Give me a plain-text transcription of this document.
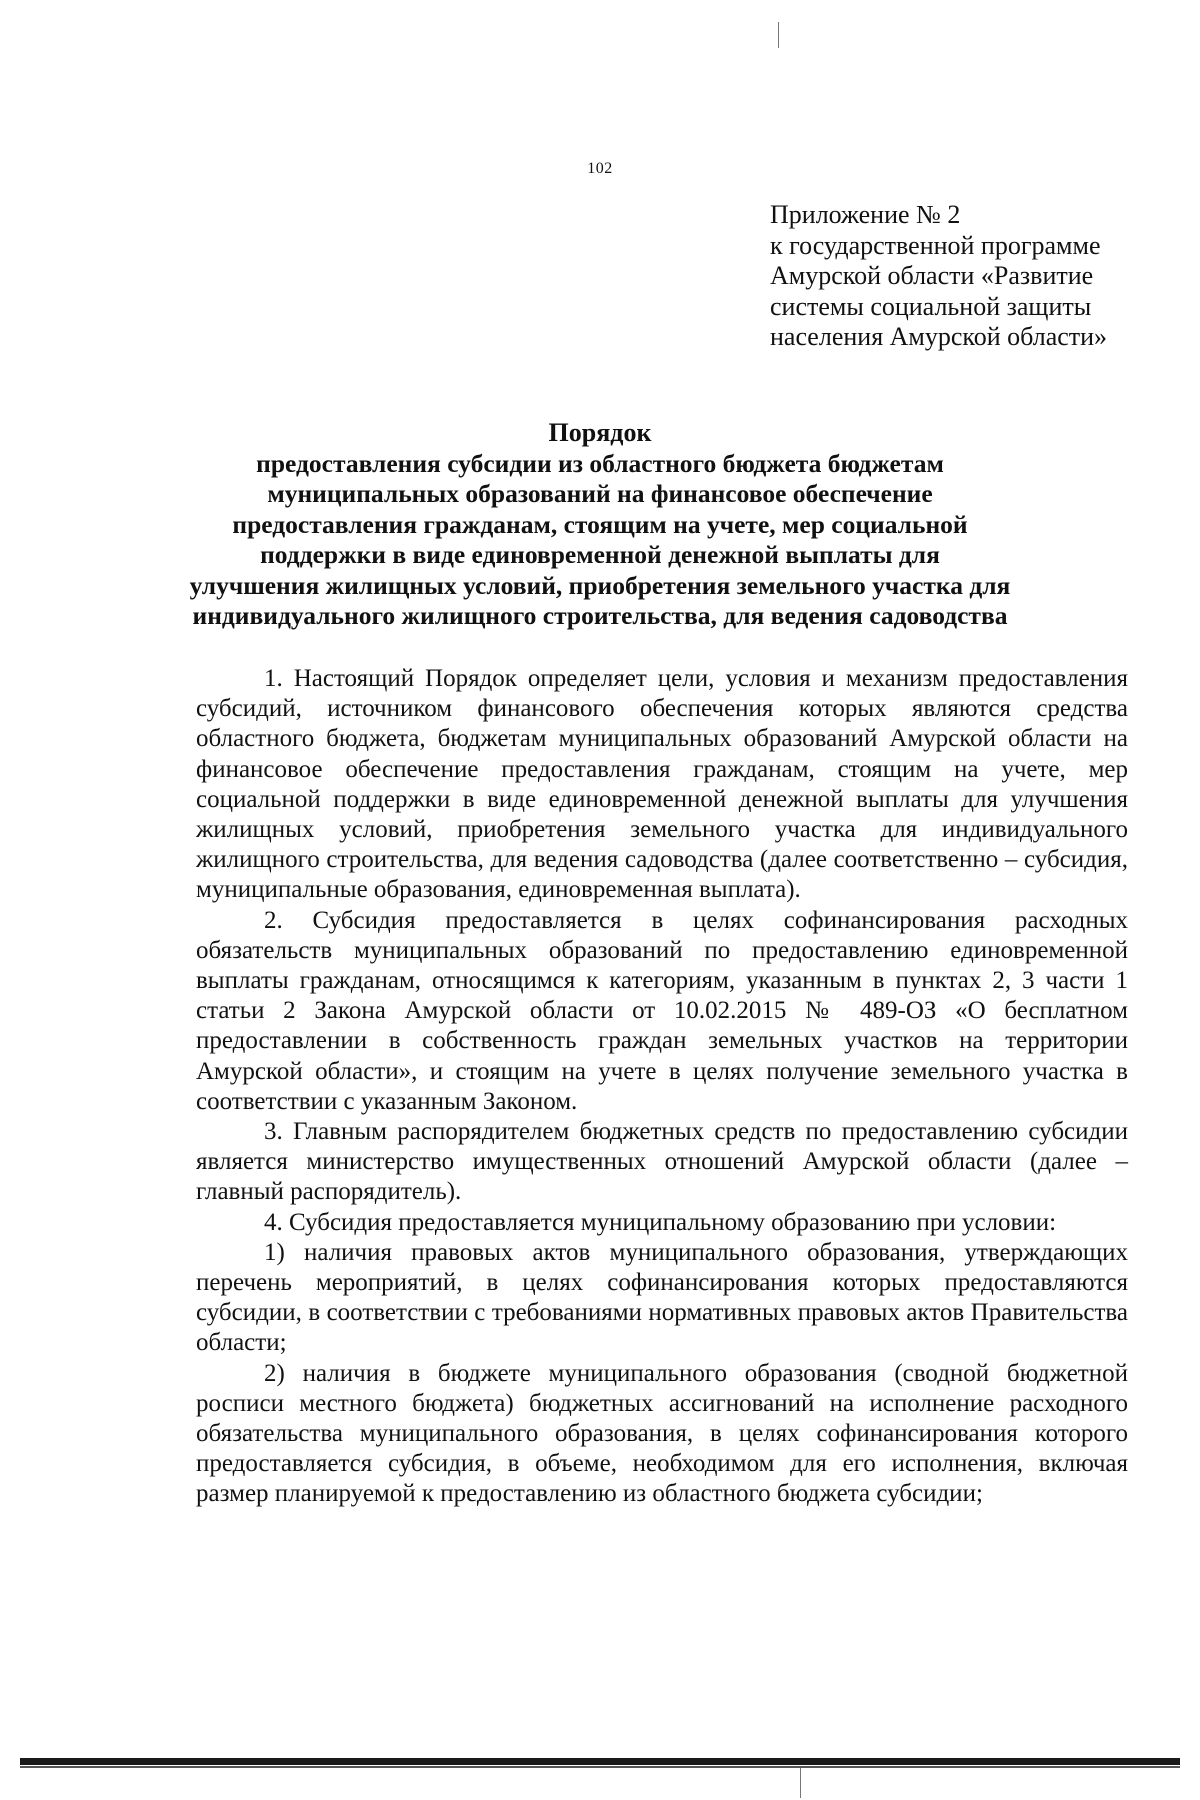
102
Приложение № 2
к государственной программе
Амурской области «Развитие
системы социальной защиты
населения Амурской области»
Порядок
предоставления субсидии из областного бюджета бюджетам
муниципальных образований на финансовое обеспечение
предоставления гражданам, стоящим на учете, мер социальной
поддержки в виде единовременной денежной выплаты для
улучшения жилищных условий, приобретения земельного участка для
индивидуального жилищного строительства, для ведения садоводства

1. Настоящий Порядок определяет цели, условия и механизм предоставления субсидий, источником финансового обеспечения которых являются средства областного бюджета, бюджетам муниципальных образований Амурской области на финансовое обеспечение предоставления гражданам, стоящим на учете, мер социальной поддержки в виде единовременной денежной выплаты для улучшения жилищных условий, приобретения земельного участка для индивидуального жилищного строительства, для ведения садоводства (далее соответственно – субсидия, муниципальные образования, единовременная выплата).

2. Субсидия предоставляется в целях софинансирования расходных обязательств муниципальных образований по предоставлению единовременной выплаты гражданам, относящимся к категориям, указанным в пунктах 2, 3 части 1 статьи 2 Закона Амурской области от 10.02.2015 № 489-ОЗ «О бесплатном предоставлении в собственность граждан земельных участков на территории Амурской области», и стоящим на учете в целях получение земельного участка в соответствии с указанным Законом.

3. Главным распорядителем бюджетных средств по предоставлению субсидии является министерство имущественных отношений Амурской области (далее – главный распорядитель).

4. Субсидия предоставляется муниципальному образованию при условии:

1) наличия правовых актов муниципального образования, утверждающих перечень мероприятий, в целях софинансирования которых предоставляются субсидии, в соответствии с требованиями нормативных правовых актов Правительства области;

2) наличия в бюджете муниципального образования (сводной бюджетной росписи местного бюджета) бюджетных ассигнований на исполнение расходного обязательства муниципального образования, в целях софинансирования которого предоставляется субсидия, в объеме, необходимом для его исполнения, включая размер планируемой к предоставлению из областного бюджета субсидии;
